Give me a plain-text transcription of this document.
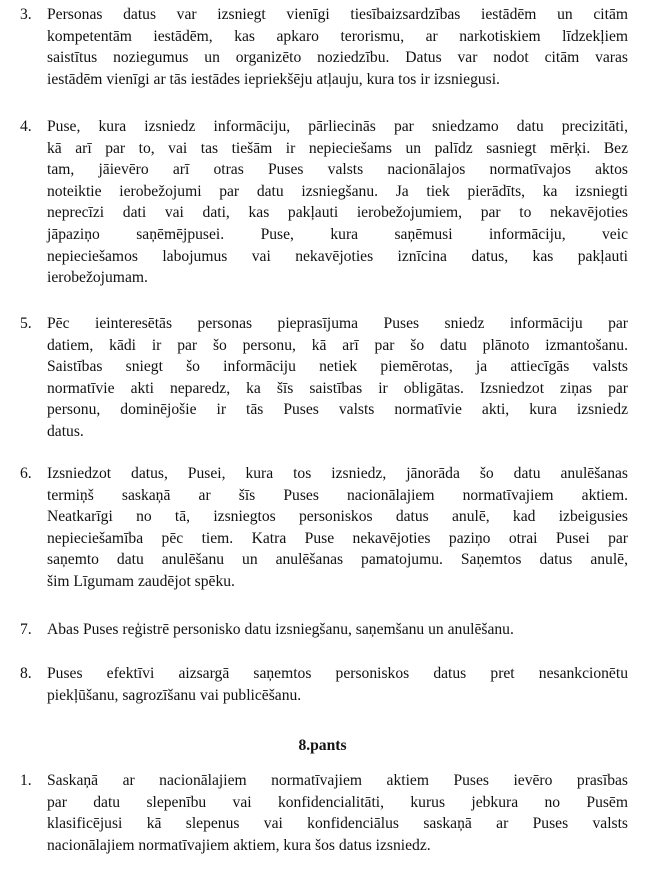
3. Personas datus var izsniegt vienīgi tiesībaizsardzības iestādēm un citām
kompetentām iestādēm, kas apkaro terorismu, ar narkotiskiem līdzekļiem
saistītus noziegumus un organizēto noziedzību. Datus var nodot citām varas
iestādēm vienīgi ar tās iestādes iepriekšēju atļauju, kura tos ir izsniegusi.
4. Puse, kura izsniedz informāciju, pārliecinās par sniedzamo datu precizitāti,
kā arī par to, vai tas tiešām ir nepieciešams un palīdz sasniegt mērķi. Bez
tam, jāievēro arī otras Puses valsts nacionālajos normatīvajos aktos
noteiktie ierobežojumi par datu izsniegšanu. Ja tiek pierādīts, ka izsniegti
neprecīzi dati vai dati, kas pakļauti ierobežojumiem, par to nekavējoties
jāpaziņo saņēmējpusei. Puse, kura saņēmusi informāciju, veic
nepieciešamos labojumus vai nekavējoties iznīcina datus, kas pakļauti
ierobežojumam.
5. Pēc ieinteresētās personas pieprasījuma Puses sniedz informāciju par
datiem, kādi ir par šo personu, kā arī par šo datu plānoto izmantošanu.
Saistības sniegt šo informāciju netiek piemērotas, ja attiecīgās valsts
normatīvie akti neparedz, ka šīs saistības ir obligātas. Izsniedzot ziņas par
personu, dominējošie ir tās Puses valsts normatīvie akti, kura izsniedz
datus.
6. Izsniedzot datus, Pusei, kura tos izsniedz, jānorāda šo datu anulēšanas
termiņš saskaņā ar šīs Puses nacionālajiem normatīvajiem aktiem.
Neatkarīgi no tā, izsniegtos personiskos datus anulē, kad izbeigusies
nepieciešamība pēc tiem. Katra Puse nekavējoties paziņo otrai Pusei par
saņemto datu anulēšanu un anulēšanas pamatojumu. Saņemtos datus anulē,
šim Līgumam zaudējot spēku.
7. Abas Puses reģistrē personisko datu izsniegšanu, saņemšanu un anulēšanu.
8. Puses efektīvi aizsargā saņemtos personiskos datus pret nesankcionētu
piekļūšanu, sagrozīšanu vai publicēšanu.
8.pants
1. Saskaņā ar nacionālajiem normatīvajiem aktiem Puses ievēro prasības
par datu slepenību vai konfidencialitāti, kurus jebkura no Pusēm
klasificējusi kā slepenus vai konfidenciālus saskaņā ar Puses valsts
nacionālajiem normatīvajiem aktiem, kura šos datus izsniedz.
